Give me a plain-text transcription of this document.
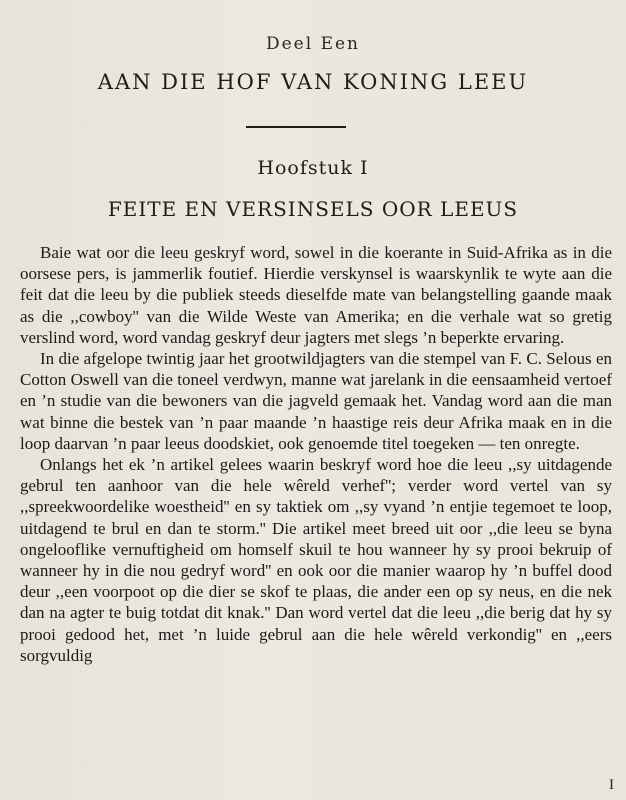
Deel Een
AAN DIE HOF VAN KONING LEEU
Hoofstuk I
FEITE EN VERSINSELS OOR LEEUS

Baie wat oor die leeu geskryf word, sowel in die koerante in Suid-Afrika as in die oorsese pers, is jammerlik foutief. Hierdie verskynsel is waarskynlik te wyte aan die feit dat die leeu by die publiek steeds dieselfde mate van belangstelling gaande maak as die ,,cowboy'' van die Wilde Weste van Amerika; en die verhale wat so gretig verslind word, word vandag geskryf deur jagters met slegs ’n beperkte ervaring.

In die afgelope twintig jaar het grootwildjagters van die stempel van F. C. Selous en Cotton Oswell van die toneel verdwyn, manne wat jarelank in die eensaamheid vertoef en ’n studie van die bewoners van die jagveld gemaak het. Vandag word aan die man wat binne die bestek van ’n paar maande ’n haastige reis deur Afrika maak en in die loop daarvan ’n paar leeus doodskiet, ook genoemde titel toegeken — ten onregte.

Onlangs het ek ’n artikel gelees waarin beskryf word hoe die leeu ,,sy uitdagende gebrul ten aanhoor van die hele wêreld verhef''; verder word vertel van sy ,,spreekwoordelike woestheid'' en sy taktiek om ,,sy vyand ’n entjie tegemoet te loop, uitdagend te brul en dan te storm.'' Die artikel meet breed uit oor ,,die leeu se byna ongelooflike vernuftigheid om homself skuil te hou wanneer hy sy prooi bekruip of wanneer hy in die nou gedryf word'' en ook oor die manier waarop hy ’n buffel dood deur ,,een voorpoot op die dier se skof te plaas, die ander een op sy neus, en die nek dan na agter te buig totdat dit knak.'' Dan word vertel dat die leeu ,,die berig dat hy sy prooi gedood het, met ’n luide gebrul aan die hele wêreld verkondig'' en ,,eers sorgvuldig

I
